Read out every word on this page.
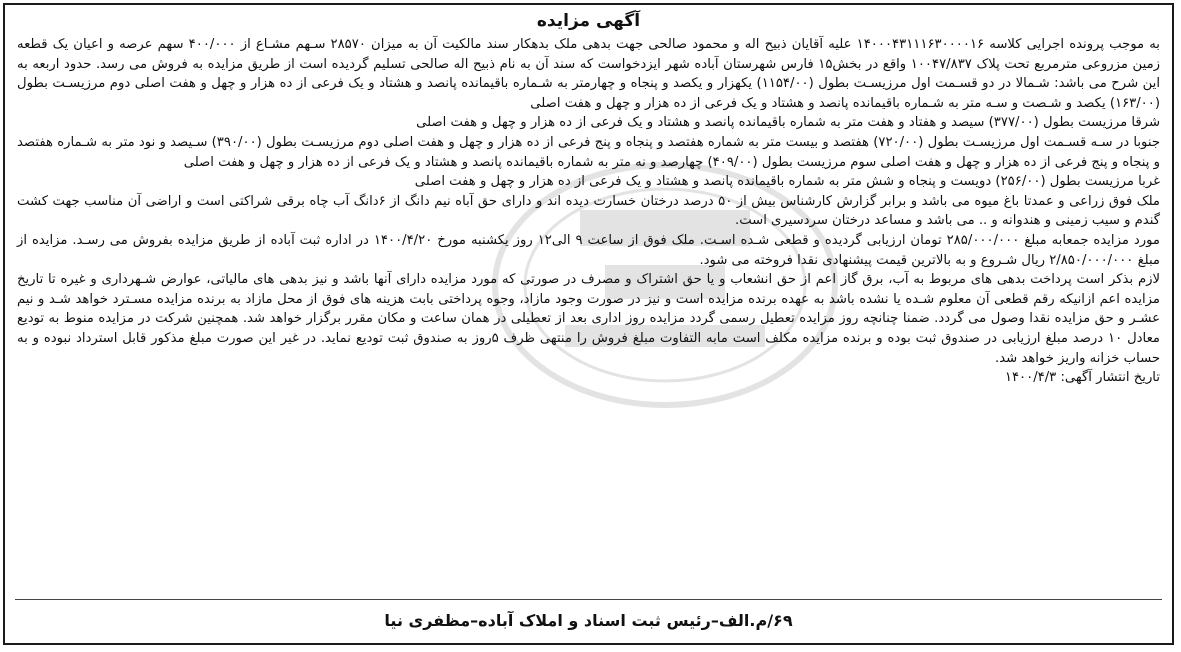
آگهی مزایده

به موجب پرونده اجرایی کلاسه ۱۴۰۰۰۴۳۱۱۱۶۳۰۰۰۰۱۶ علیه آقایان ذبیح اله و محمود صالحی جهت بدهی ملک بدهکار سند مالکیت آن به میزان ۲۸۵۷۰ سـهم مشـاع از ۴۰۰/۰۰۰ سهم عرصه و اعیان یک قطعه زمین مزروعی مترمربع تحت پلاک ۱۰۰۴۷/۸۳۷ واقع در بخش۱۵ فارس شهرستان آباده شهر ایزدخواست که سند آن به نام ذبیح اله صالحی تسلیم گردیده است از طریق مزایده به فروش می رسد. حدود اربعه به این شرح می باشد: شـمالا در دو قسـمت اول مرزیسـت بطول (۱۱۵۴/۰۰) یکهزار و یکصد و پنجاه و چهارمتر به شـماره باقیمانده پانصد و هشتاد و یک فرعی از ده هزار و چهل و هفت اصلی دوم مرزیسـت بطول (۱۶۳/۰۰) یکصد و شـصت و سـه متر به شـماره باقیمانده پانصد و هشتاد و یک فرعی از ده هزار و چهل و هفت اصلی

شرقا مرزیست بطول (۳۷۷/۰۰) سیصد و هفتاد و هفت متر به شماره باقیمانده پانصد و هشتاد و یک فرعی از ده هزار و چهل و هفت اصلی

جنوبا در سـه قسـمت اول مرزیسـت بطول (۷۲۰/۰۰) هفتصد و بیست متر به شماره هفتصد و پنجاه و پنج فرعی از ده هزار و چهل و هفت اصلی دوم مرزیسـت بطول (۳۹۰/۰۰) سـیصد و نود متر به شـماره هفتصد و پنجاه و پنج فرعی از ده هزار و چهل و هفت اصلی سوم مرزیست بطول (۴۰۹/۰۰) چهارصد و نه متر به شماره باقیمانده پانصد و هشتاد و یک فرعی از ده هزار و چهل و هفت اصلی

غربا مرزیست بطول (۲۵۶/۰۰) دویست و پنجاه و شش متر به شماره باقیمانده پانصد و هشتاد و یک فرعی از ده هزار و چهل و هفت اصلی

ملک فوق زراعی و عمدتا باغ میوه می باشد و برابر گزارش کارشناس بیش از ۵۰ درصد درختان خسارت دیده اند و دارای حق آباه نیم دانگ از ۶دانگ آب چاه برقی شراکتی است و اراضی آن مناسب جهت کشت گندم و سیب زمینی و هندوانه و .. می باشد و مساعد درختان سردسیری است.

مورد مزایده جمعابه مبلغ ۲۸۵/۰۰۰/۰۰۰ تومان ارزیابی گردیده و قطعی شـده اسـت. ملک فوق از ساعت ۹ الی۱۲ روز یکشنبه مورخ ۱۴۰۰/۴/۲۰ در اداره ثبت آباده از طریق مزایده بفروش می رسـد. مزایده از مبلغ ۲/۸۵۰/۰۰۰/۰۰۰ ریال شـروع و به بالاترین قیمت پیشنهادی نقدا فروخته می شود.

لازم بذکر است پرداخت بدهی های مربوط به آب، برق گاز اعم از حق انشعاب و یا حق اشتراک و مصرف در صورتی که مورد مزایده دارای آنها باشد و نیز بدهی های مالیاتی، عوارض شـهرداری و غیره تا تاریخ مزایده اعم ازانیکه رقم قطعی آن معلوم شـده یا نشده باشد به عهده برنده مزایده است و نیز در صورت وجود مازاد، وجوه پرداختی بابت هزینه های فوق از محل مازاد به برنده مزایده مسـترد خواهد شـد و نیم عشـر و حق مزایده نقدا وصول می گردد. ضمنا چنانچه روز مزایده تعطیل رسمی گردد مزایده روز اداری بعد از تعطیلی در همان ساعت و مکان مقرر برگزار خواهد شد. همچنین شرکت در مزایده منوط به تودیع معادل ۱۰ درصد مبلغ ارزیابی در صندوق ثبت بوده و برنده مزایده مکلف است مابه التفاوت مبلغ فروش را منتهی ظرف ۵روز به صندوق ثبت تودیع نماید. در غیر این صورت مبلغ مذکور قابل استرداد نبوده و به حساب خزانه واریز خواهد شد.

تاریخ انتشار آگهی: ۱۴۰۰/۴/۳
۶۹/م.الف–رئیس ثبت اسناد و املاک آباده–مظفری نیا
